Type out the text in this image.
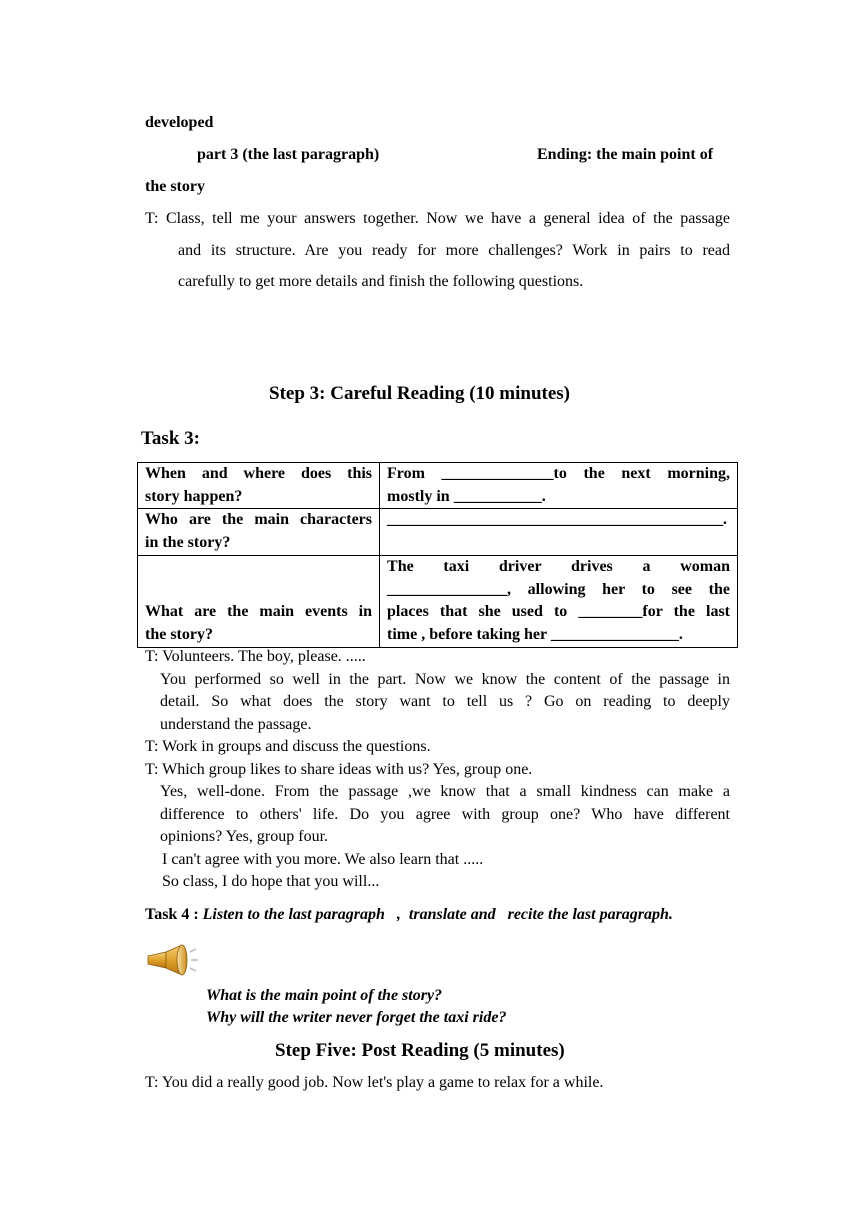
developed
part 3 (the last paragraph)	Ending: the main point of
the story
T: Class, tell me your answers together. Now we have a general idea of the passage
and its structure. Are you ready for more challenges? Work in pairs to read
carefully to get more details and finish the following questions.
Step 3: Careful Reading (10 minutes)
Task 3:
When and where does this
story happen?	From ______________to the next morning,
mostly in ___________.

Who are the main characters
in the story?	__________________________________________.

What are the main events in
the story?	The taxi driver drives a woman
_______________, allowing her to see the
places that she used to ________for the last
time , before taking her ________________.
T: Volunteers. The boy, please. .....
You performed so well in the part. Now we know the content of the passage in
detail. So what does the story want to tell us ? Go on reading to deeply
understand the passage.
T: Work in groups and discuss the questions.
T: Which group likes to share ideas with us? Yes, group one.
Yes, well-done. From the passage ,we know that a small kindness can make a
difference to others' life. Do you agree with group one? Who have different
opinions? Yes, group four.
I can't agree with you more. We also learn that .....
So class, I do hope that you will...
Task 4 : Listen to the last paragraph   ,  translate and   recite the last paragraph.
What is the main point of the story?
Why will the writer never forget the taxi ride?
Step Five: Post Reading (5 minutes)
T: You did a really good job. Now let's play a game to relax for a while.
